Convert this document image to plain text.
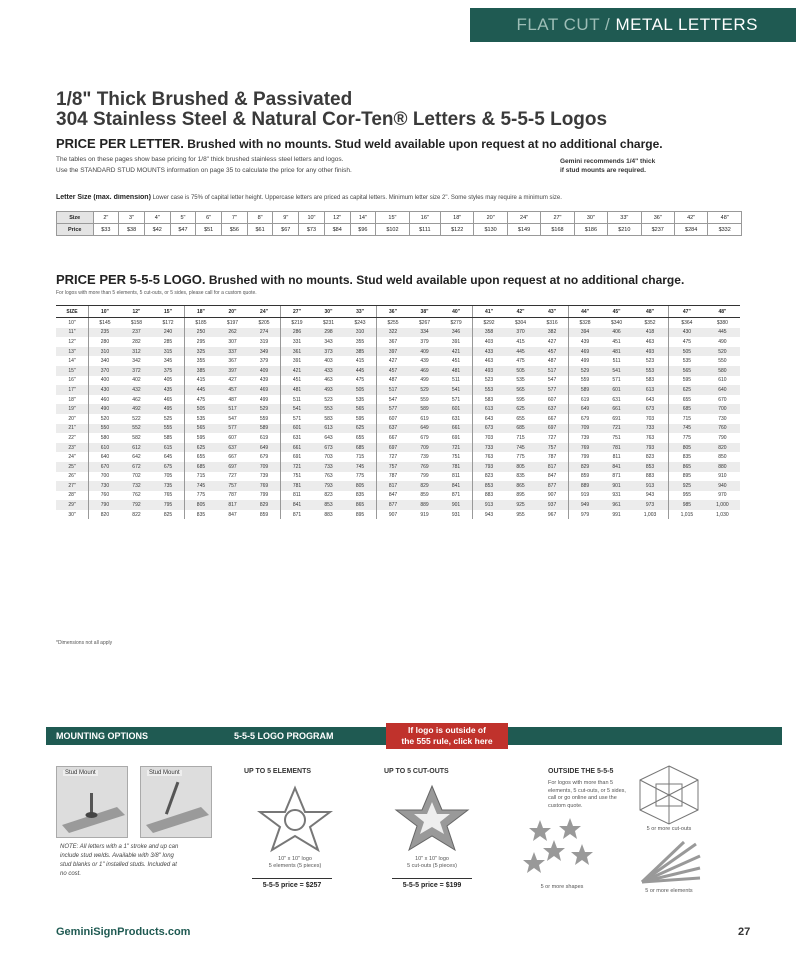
FLAT CUT / METAL LETTERS
1/8" Thick Brushed & Passivated
304 Stainless Steel & Natural Cor-Ten® Letters & 5-5-5 Logos
PRICE PER LETTER. Brushed with no mounts. Stud weld available upon request at no additional charge.
The tables on these pages show base pricing for 1/8" thick brushed stainless steel letters and logos.
Use the STANDARD STUD MOUNTS information on page 35 to calculate the price for any other finish.
Gemini recommends 1/4" thick
if stud mounts are required.
Letter Size (max. dimension) Lower case is 75% of capital letter height. Uppercase letters are priced as capital letters. Minimum letter size 2". Some styles may require a minimum size.
Size	2"	3"	4"	5"	6"	7"	8"	9"	10"	12"	14"	15"	16"	18"	20"	24"	27"	30"	33"	36"	42"	48"
Price	$33	$38	$42	$47	$51	$56	$61	$67	$73	$84	$96	$102	$111	$122	$130	$149	$168	$186	$210	$237	$284	$332
PRICE PER 5-5-5 LOGO. Brushed with no mounts. Stud weld available upon request at no additional charge.
For logos with more than 5 elements, 5 cut-outs, or 5 sides, please call for a custom quote.
SIZE	10"	12"	15"	18"	20"	24"	27"	30"	33"	36"	38"	40"	41"	42"	43"	44"	45"	48"	47"	48"
10"	$145	$158	$172	$185	$197	$205	$219	$231	$243	$255	$267	$279	$292	$304	$316	$328	$340	$352	$364	$380
11"	235	237	240	250	262	274	286	298	310	322	334	346	358	370	382	394	406	418	430	445
12"	280	282	285	295	307	319	331	343	355	367	379	391	403	415	427	439	451	463	475	490
13"	310	312	315	325	337	349	361	373	385	397	409	421	433	445	457	469	481	493	505	520
14"	340	342	345	355	367	379	391	403	415	427	439	451	463	475	487	499	511	523	535	550
15"	370	372	375	385	397	409	421	433	445	457	469	481	493	505	517	529	541	553	565	580
16"	400	402	405	415	427	439	451	463	475	487	499	511	523	535	547	559	571	583	595	610
17"	430	432	435	445	457	469	481	493	505	517	529	541	553	565	577	589	601	613	625	640
18"	460	462	465	475	487	499	511	523	535	547	559	571	583	595	607	619	631	643	655	670
19"	490	492	495	505	517	529	541	553	565	577	589	601	613	625	637	649	661	673	685	700
20"	520	522	525	535	547	559	571	583	595	607	619	631	643	655	667	679	691	703	715	730
21"	550	552	555	565	577	589	601	613	625	637	649	661	673	685	697	709	721	733	745	760
22"	580	582	585	595	607	619	631	643	655	667	679	691	703	715	727	739	751	763	775	790
23"	610	612	615	625	637	649	661	673	685	697	709	721	733	745	757	769	781	793	805	820
24"	640	642	645	655	667	679	691	703	715	727	739	751	763	775	787	799	811	823	835	850
25"	670	672	675	685	697	709	721	733	745	757	769	781	793	805	817	829	841	853	865	880
26"	700	702	705	715	727	739	751	763	775	787	799	811	823	835	847	859	871	883	895	910
27"	730	732	735	745	757	769	781	793	805	817	829	841	853	865	877	889	901	913	925	940
28"	760	762	765	775	787	799	811	823	835	847	859	871	883	895	907	919	931	943	955	970
29"	790	792	795	805	817	829	841	853	865	877	889	901	913	925	937	949	961	973	985	1,000
30"	820	822	825	835	847	859	871	883	895	907	919	931	943	955	967	979	991	1,003	1,015	1,030
*Dimensions not all apply
MOUNTING OPTIONS	5-5-5 LOGO PROGRAM
If logo is outside of
the 555 rule, click here
Stud Mount	Stud Mount
NOTE: All letters with a 1" stroke and up can include stud welds. Available with 3/8" long stud blanks or 1" installed studs. Included at no cost.
UP TO 5 ELEMENTS
10" x 10" logo
5 elements (5 pieces)
5-5-5 price = $257
UP TO 5 CUT-OUTS
10" x 10" logo
5 cut-outs (5 pieces)
5-5-5 price = $199
OUTSIDE THE 5-5-5
For logos with more than 5 elements, 5 cut-outs, or 5 sides, call or go online and use the custom quote.
5 or more shapes
5 or more cut-outs
5 or more elements
GeminiSignProducts.com	27
